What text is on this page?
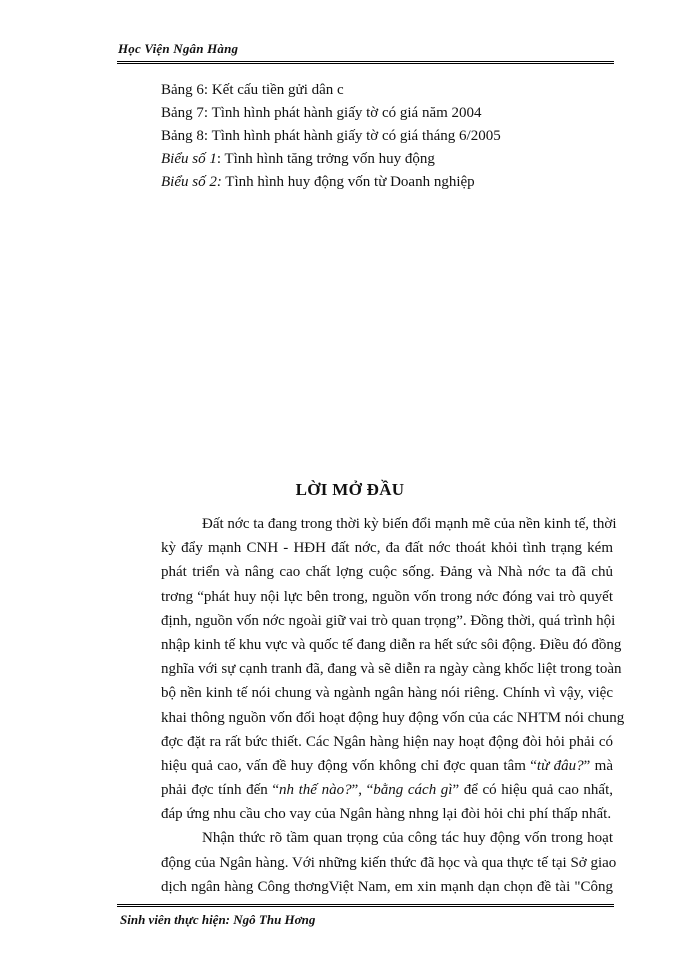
Học Viện Ngân Hàng
Bảng 6: Kết cấu tiền gửi dân c
Bảng 7: Tình hình phát hành giấy tờ có giá năm 2004
Bảng 8: Tình hình phát hành giấy tờ có giá tháng 6/2005
Biểu số 1: Tình hình tăng trởng vốn huy động
Biểu số 2: Tình hình huy động vốn từ Doanh nghiệp
LỜI MỞ ĐẦU
Đất nớc ta đang trong thời kỳ biến đổi mạnh mẽ của nền kinh tế, thời
kỳ đẩy mạnh CNH - HĐH đất nớc, đa đất nớc thoát khỏi tình trạng kém
phát triển và nâng cao chất lợng cuộc sống. Đảng và Nhà nớc ta đã chủ
trơng “phát huy nội lực bên trong, nguồn vốn trong nớc đóng vai trò quyết
định, nguồn vốn nớc ngoài giữ vai trò quan trọng”. Đồng thời, quá trình hội
nhập kinh tế khu vực và quốc tế đang diễn ra hết sức sôi động. Điều đó đồng
nghĩa với sự cạnh tranh đã, đang và sẽ diễn ra ngày càng khốc liệt trong toàn
bộ nền kinh tế nói chung và ngành ngân hàng nói riêng. Chính vì vậy, việc
khai thông nguồn vốn đối hoạt động huy động vốn của các NHTM nói chung
đợc đặt ra rất bức thiết. Các Ngân hàng hiện nay hoạt động đòi hỏi phải có
hiệu quả cao, vấn đề huy động vốn không chỉ đợc quan tâm “từ đâu?” mà
phải đợc tính đến “nh thế nào?”, “bằng cách gì” để có hiệu quả cao nhất,
đáp ứng nhu cầu cho vay của Ngân hàng nhng lại đòi hỏi chi phí thấp nhất.
Nhận thức rõ tầm quan trọng của công tác huy động vốn trong hoạt
động của Ngân hàng. Với những kiến thức đã học và qua thực tế tại Sở giao
dịch ngân hàng Công thơngViệt Nam, em xin mạnh dạn chọn đề tài "Công
Sinh viên thực hiện: Ngô Thu Hơng
